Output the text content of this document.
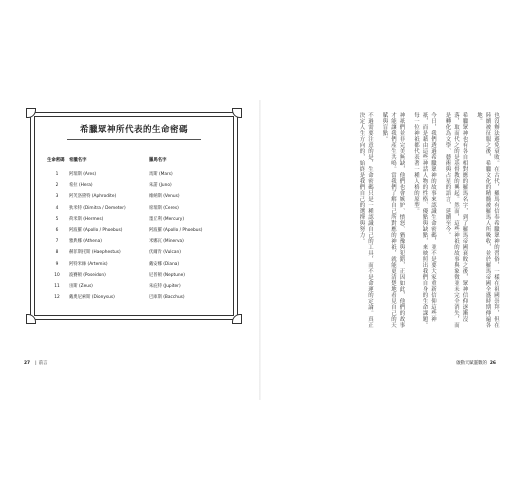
希臘眾神所代表的生命密碼
生命密碼 希臘名字	羅馬名字
1	阿瑞斯 (Ares)	馬斯 (Mars)
2	希拉 (Hera)	朱諾 (Juno)
3	阿芙洛黛特 (Aphrodite)	維納斯 (Venus)
4	狄米特 (Dimitra / Demeter)	席瑞斯 (Ceres)
5	荷米斯 (Hermes)	墨丘利 (Mercury)
6	阿波羅 (Apollo / Phoebus)	阿波羅 (Apollo / Phoebus)
7	雅典娜 (Athena)	米娜瓦 (Minerva)
8	赫菲斯托斯 (Haephestus)	伏爾肯 (Vulcan)
9	阿特米絲 (Artemis)	戴安娜 (Diana)
10	波賽頓 (Poseidon)	尼普頓 (Neptune)
11	宙斯 (Zeus)	朱庇特 (Jupiter)
12	戴奧尼索斯 (Dionysus)	巴庫斯 (Bacchus)
27 | 前言

也沒辦法避免衰敗。在古代，羅馬有信奉希臘眾神的習俗，一樣在祖國崇拜，但在陸續被征服之後，希臘文化的精髓被羅馬人所吸收，並於羅馬帝國全盛時期傳遍各地。

希臘眾神也有各自相對應的羅馬名字，到了羅馬帝國衰敗之後，眾神信仰逐漸沒落，取而代之的是基督教的興起。然而，這些神祇的故事與象徵並未完全消失，而是轉化為文學、藝術與占星的語言，延續至今。

今日，我們透過希臘眾神的故事來認識生命密碼，並不是要大家重新信仰這些神祇，而是藉由這些神話人物的性格、優點與缺點，來映照出我們自身的生命課題。每一位神祇都代表著一種人格的原型。

神祇們並非完美無缺，他們也會嫉妒、憤怒、猶豫與犯錯，正因如此，他們的故事才能讓我們產生共鳴。當我們了解自己所對應的神祇，就能更清楚地看見自己的天賦與盲點。

不過需要注意的是，生命密碼只是一種認識自己的工具，而不是命運的定論。真正決定人生方向的，始終是我們自己的選擇與努力。

啟動天賦靈數的 26
